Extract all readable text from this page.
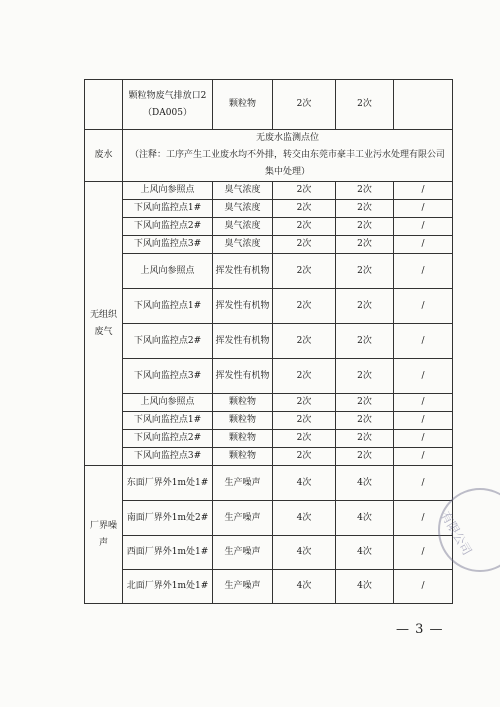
	颗粒物废气排放口2（DA005）	颗粒物	2次	2次	
废水	无废水监测点位
（注释：工序产生工业废水均不外排，转交由东莞市豪丰工业污水处理有限公司集中处理）				

无组织废气	上风向参照点	臭气浓度	2次	2次	/
	下风向监控点1#	臭气浓度	2次	2次	/
	下风向监控点2#	臭气浓度	2次	2次	/
	下风向监控点3#	臭气浓度	2次	2次	/
	上风向参照点	挥发性有机物	2次	2次	/
	下风向监控点1#	挥发性有机物	2次	2次	/
	下风向监控点2#	挥发性有机物	2次	2次	/
	下风向监控点3#	挥发性有机物	2次	2次	/
	上风向参照点	颗粒物	2次	2次	/
	下风向监控点1#	颗粒物	2次	2次	/
	下风向监控点2#	颗粒物	2次	2次	/
	下风向监控点3#	颗粒物	2次	2次	/
厂界噪声	东面厂界外1m处1#	生产噪声	4次	4次	/
	南面厂界外1m处2#	生产噪声	4次	4次	/
	西面厂界外1m处1#	生产噪声	4次	4次	/
	北面厂界外1m处1#	生产噪声	4次	4次	/
— 3 —
有限公司
